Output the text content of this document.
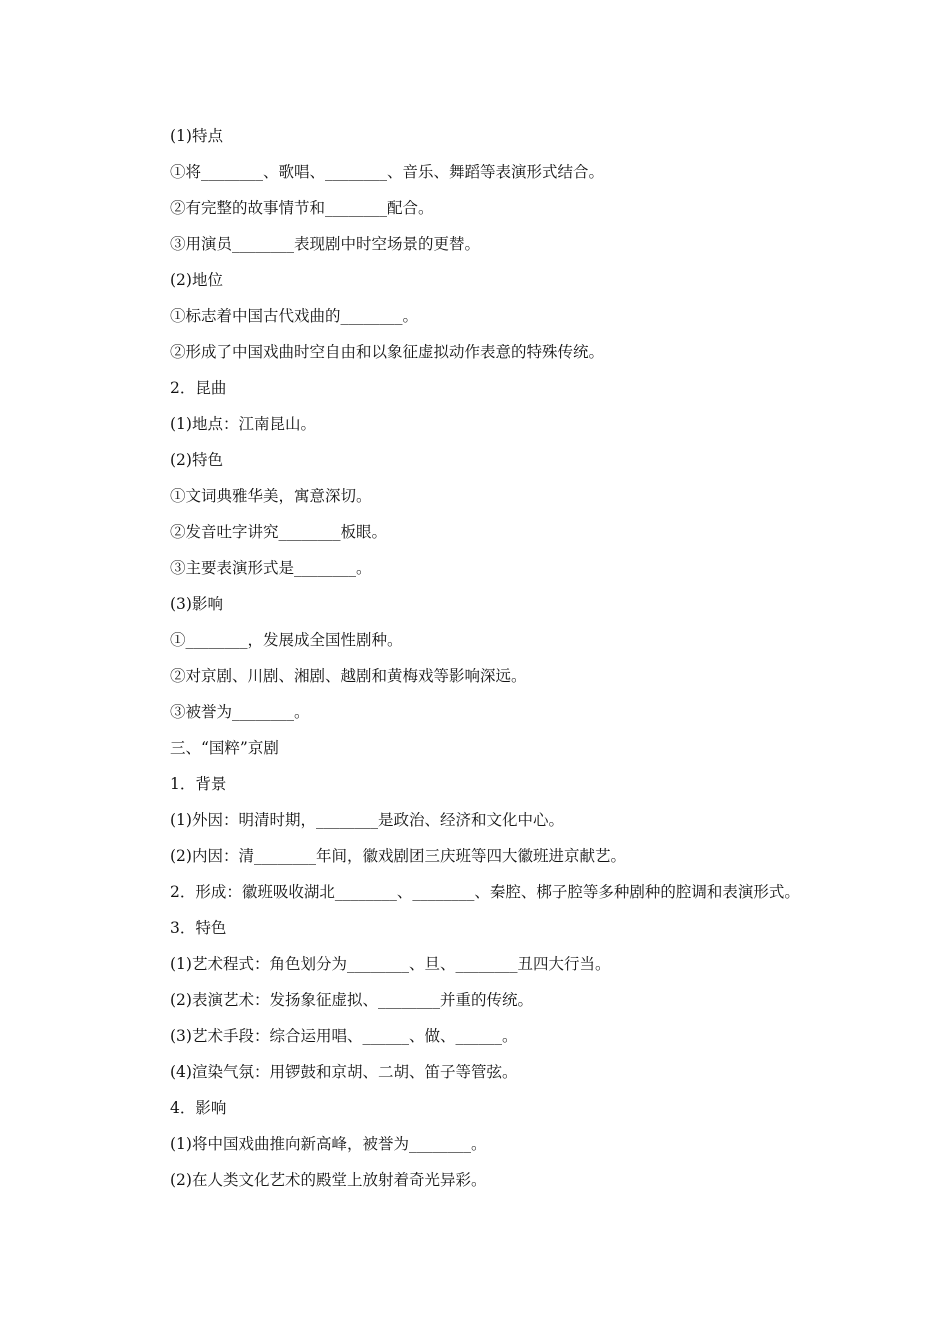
(1)特点
①将________、歌唱、________、音乐、舞蹈等表演形式结合。
②有完整的故事情节和________配合。
③用演员________表现剧中时空场景的更替。
(2)地位
①标志着中国古代戏曲的________。
②形成了中国戏曲时空自由和以象征虚拟动作表意的特殊传统。
2．昆曲
(1)地点：江南昆山。
(2)特色
①文词典雅华美，寓意深切。
②发音吐字讲究________板眼。
③主要表演形式是________。
(3)影响
①________，发展成全国性剧种。
②对京剧、川剧、湘剧、越剧和黄梅戏等影响深远。
③被誉为________。
三、“国粹”京剧
1．背景
(1)外因：明清时期，________是政治、经济和文化中心。
(2)内因：清________年间，徽戏剧团三庆班等四大徽班进京献艺。
2．形成：徽班吸收湖北________、________、秦腔、梆子腔等多种剧种的腔调和表演形式。
3．特色
(1)艺术程式：角色划分为________、旦、________丑四大行当。
(2)表演艺术：发扬象征虚拟、________并重的传统。
(3)艺术手段：综合运用唱、______、做、______。
(4)渲染气氛：用锣鼓和京胡、二胡、笛子等管弦。
4．影响
(1)将中国戏曲推向新高峰，被誉为________。
(2)在人类文化艺术的殿堂上放射着奇光异彩。
